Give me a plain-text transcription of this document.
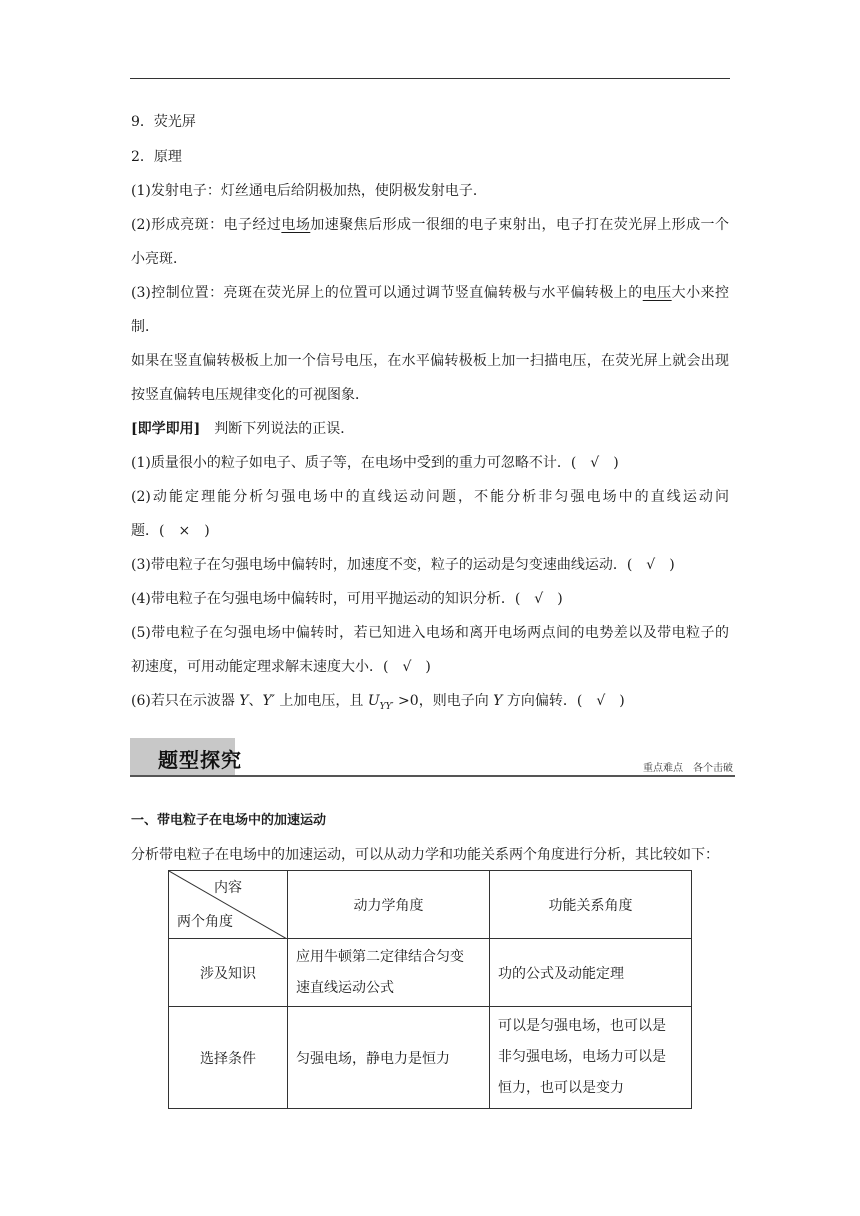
9．荧光屏
2．原理
(1)发射电子：灯丝通电后给阴极加热，使阴极发射电子．
(2)形成亮斑：电子经过电场加速聚焦后形成一很细的电子束射出，电子打在荧光屏上形成一个
小亮斑．
(3)控制位置：亮斑在荧光屏上的位置可以通过调节竖直偏转极与水平偏转极上的电压大小来控
制．
如果在竖直偏转极板上加一个信号电压，在水平偏转极板上加一扫描电压，在荧光屏上就会出现
按竖直偏转电压规律变化的可视图象．
[即学即用]　 判断下列说法的正误．
(1)质量很小的粒子如电子、质子等，在电场中受到的重力可忽略不计．(　√　)
(2)动能定理能分析匀强电场中的直线运动问题，不能分析非匀强电场中的直线运动问
题．(　×　)
(3)带电粒子在匀强电场中偏转时，加速度不变，粒子的运动是匀变速曲线运动．(　√　)
(4)带电粒子在匀强电场中偏转时，可用平抛运动的知识分析．(　√　)
(5)带电粒子在匀强电场中偏转时，若已知进入电场和离开电场两点间的电势差以及带电粒子的
初速度，可用动能定理求解末速度大小．(　√　)
(6)若只在示波器 Y、Y′ 上加电压，且 $U_{YY'} >0$，则电子向 Y 方向偏转．(　√　)
题型探究	重点难点　各个击破
一、带电粒子在电场中的加速运动
分析带电粒子在电场中的加速运动，可以从动力学和功能关系两个角度进行分析，其比较如下：
内容
两个角度	动力学角度	功能关系角度
涉及知识	应用牛顿第二定律结合匀变
速直线运动公式	功的公式及动能定理
选择条件	匀强电场，静电力是恒力	可以是匀强电场，也可以是
非匀强电场，电场力可以是
恒力，也可以是变力
